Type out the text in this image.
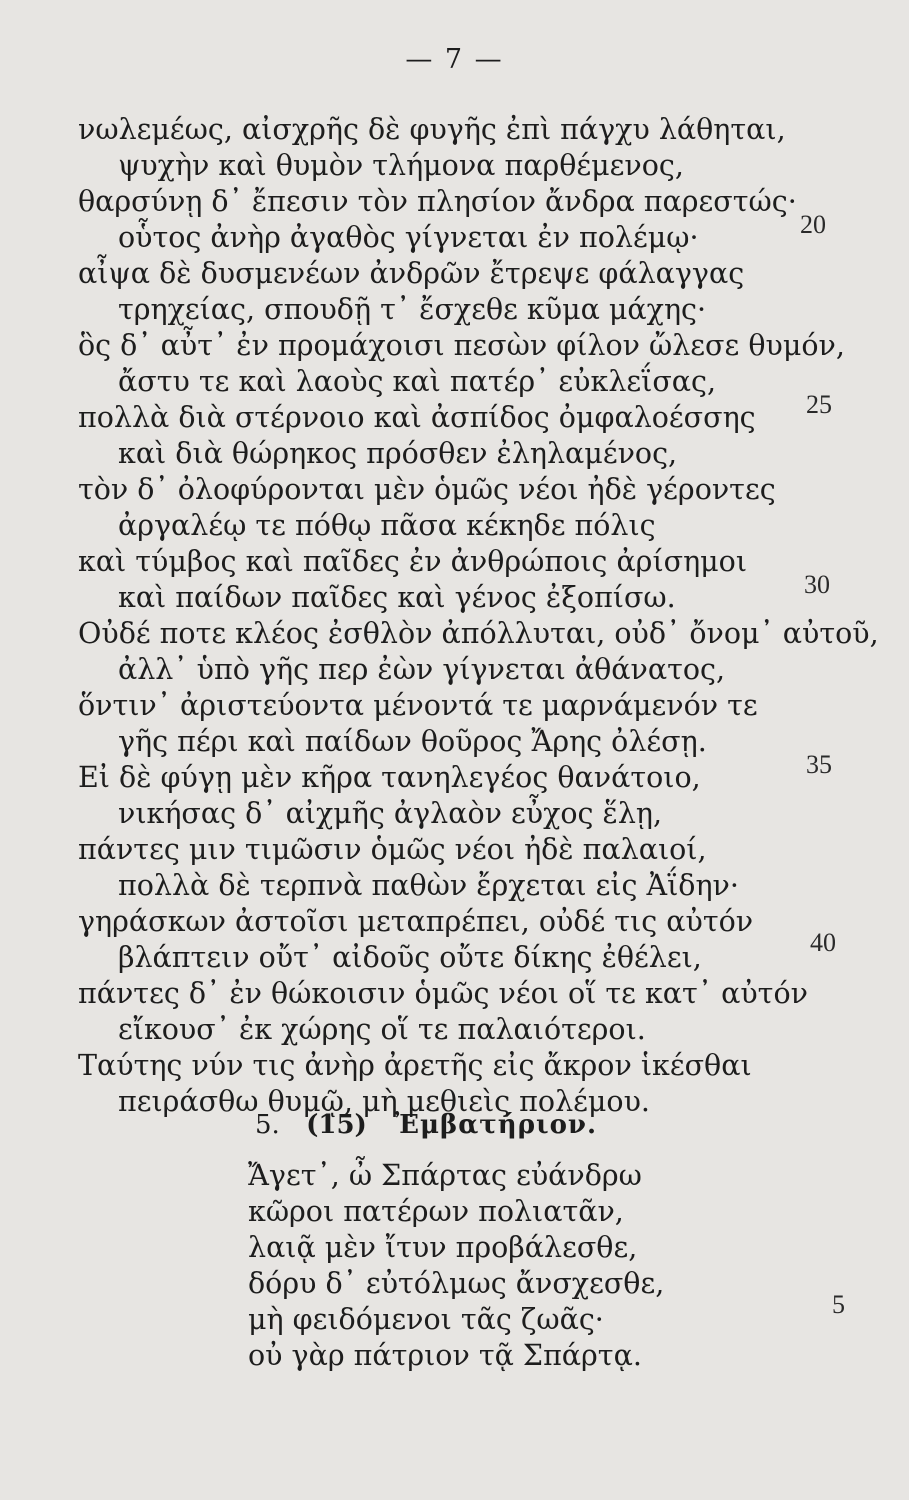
— 7 —
νωλεμέως, αἰσχρῆς δὲ φυγῆς ἐπὶ πάγχυ λάθηται,
ψυχὴν καὶ θυμὸν τλήμονα παρθέμενος,
θαρσύνῃ δ᾽ ἔπεσιν τὸν πλησίον ἄνδρα παρεστώς·
οὗτος ἀνὴρ ἀγαθὸς γίγνεται ἐν πολέμῳ·
αἶψα δὲ δυσμενέων ἀνδρῶν ἔτρεψε φάλαγγας
τρηχείας, σπουδῇ τ᾽ ἔσχεθε κῦμα μάχης·
ὃς δ᾽ αὖτ᾽ ἐν προμάχοισι πεσὼν φίλον ὤλεσε θυμόν,
ἄστυ τε καὶ λαοὺς καὶ πατέρ᾽ εὐκλεΐσας,
πολλὰ διὰ στέρνοιο καὶ ἀσπίδος ὀμφαλοέσσης
καὶ διὰ θώρηκος πρόσθεν ἐληλαμένος,
τὸν δ᾽ ὀλοφύρονται μὲν ὁμῶς νέοι ἠδὲ γέροντες
ἀργαλέῳ τε πόθῳ πᾶσα κέκηδε πόλις
καὶ τύμβος καὶ παῖδες ἐν ἀνθρώποις ἀρίσημοι
καὶ παίδων παῖδες καὶ γένος ἐξοπίσω.
Οὐδέ ποτε κλέος ἐσθλὸν ἀπόλλυται, οὐδ᾽ ὄνομ᾽ αὐτοῦ,
ἀλλ᾽ ὑπὸ γῆς περ ἐὼν γίγνεται ἀθάνατος,
ὅντιν᾽ ἀριστεύοντα μένοντά τε μαρνάμενόν τε
γῆς πέρι καὶ παίδων θοῦρος Ἄρης ὀλέσῃ.
Εἰ δὲ φύγῃ μὲν κῆρα τανηλεγέος θανάτοιο,
νικήσας δ᾽ αἰχμῆς ἀγλαὸν εὖχος ἕλῃ,
πάντες μιν τιμῶσιν ὁμῶς νέοι ἠδὲ παλαιοί,
πολλὰ δὲ τερπνὰ παθὼν ἔρχεται εἰς Ἀΐδην·
γηράσκων ἀστοῖσι μεταπρέπει, οὐδέ τις αὐτόν
βλάπτειν οὔτ᾽ αἰδοῦς οὔτε δίκης ἐθέλει,
πάντες δ᾽ ἐν θώκοισιν ὁμῶς νέοι οἵ τε κατ᾽ αὐτόν
εἴκουσ᾽ ἐκ χώρης οἵ τε παλαιότεροι.
Ταύτης νύν τις ἀνὴρ ἀρετῆς εἰς ἄκρον ἱκέσθαι
πειράσθω θυμῷ, μὴ μεθιεὶς πολέμου.
20
25
30
35
40
5. (15) Ἐμβατήριον.
Ἄγετ᾽, ὦ Σπάρτας εὐάνδρω
κῶροι πατέρων πολιατᾶν,
λαιᾷ μὲν ἴτυν προβάλεσθε,
δόρυ δ᾽ εὐτόλμως ἄνσχεσθε,
μὴ φειδόμενοι τᾶς ζωᾶς·
οὐ γὰρ πάτριον τᾷ Σπάρτᾳ.
5
